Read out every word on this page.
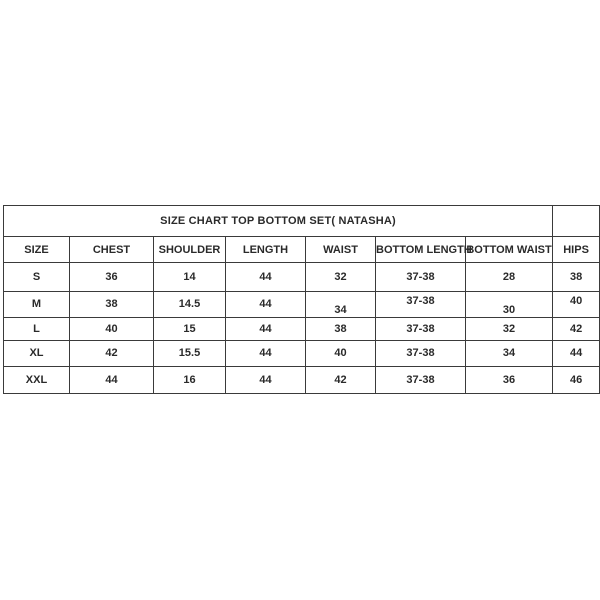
SIZE CHART TOP BOTTOM SET( NATASHA)							
SIZE	CHEST	SHOULDER	LENGTH	WAIST	BOTTOM LENGTH	BOTTOM WAIST	HIPS

S	36	14	44	32	37-38	28	38

M	38	14.5	44	34	37-38	30	40

L	40	15	44	38	37-38	32	42

XL	42	15.5	44	40	37-38	34	44

XXL	44	16	44	42	37-38	36	46
